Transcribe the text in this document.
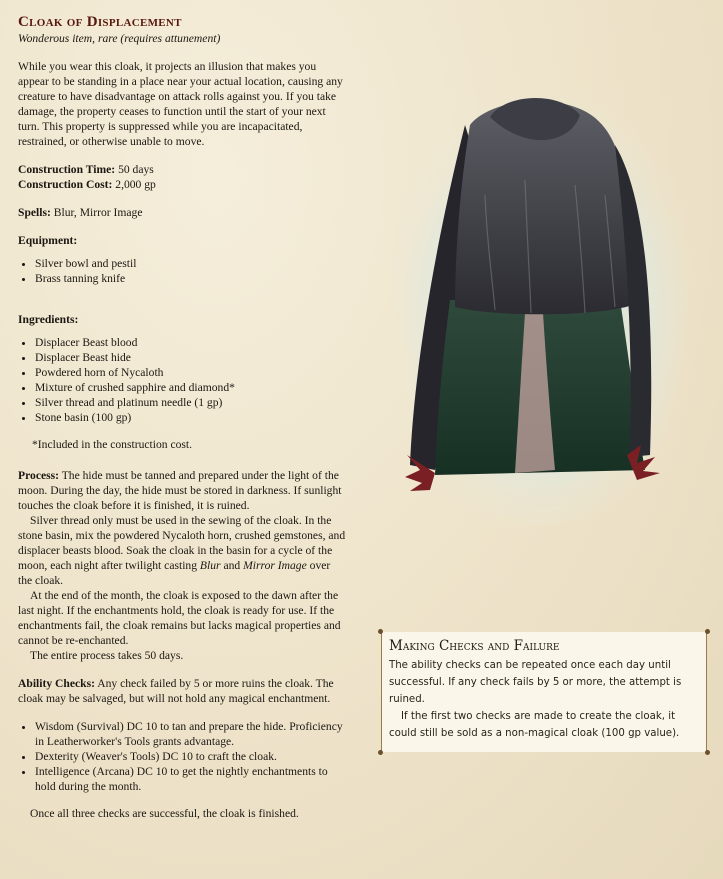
Cloak of Displacement

Wonderous item, rare (requires attunement)

While you wear this cloak, it projects an illusion that makes you appear to be standing in a place near your actual location, causing any creature to have disadvantage on attack rolls against you. If you take damage, the property ceases to function until the start of your next turn. This property is suppressed while you are incapacitated, restrained, or otherwise unable to move.

Construction Time: 50 days

Construction Cost: 2,000 gp

Spells: Blur, Mirror Image

Equipment:

• Silver bowl and pestil
• Brass tanning knife

Ingredients:

• Displacer Beast blood
• Displacer Beast hide
• Powdered horn of Nycaloth
• Mixture of crushed sapphire and diamond*
• Silver thread and platinum needle (1 gp)
• Stone basin (100 gp)

*Included in the construction cost.

Process: The hide must be tanned and prepared under the light of the moon. During the day, the hide must be stored in darkness. If sunlight touches the cloak before it is finished, it is ruined.

Silver thread only must be used in the sewing of the cloak. In the stone basin, mix the powdered Nycaloth horn, crushed gemstones, and displacer beasts blood. Soak the cloak in the basin for a cycle of the moon, each night after twilight casting Blur and Mirror Image over the cloak.

At the end of the month, the cloak is exposed to the dawn after the last night. If the enchantments hold, the cloak is ready for use. If the enchantments fail, the cloak remains but lacks magical properties and cannot be re-enchanted.

The entire process takes 50 days.

Ability Checks: Any check failed by 5 or more ruins the cloak. The cloak may be salvaged, but will not hold any magical enchantment.

• Wisdom (Survival) DC 10 to tan and prepare the hide. Proficiency in Leatherworker's Tools grants advantage.
• Dexterity (Weaver's Tools) DC 10 to craft the cloak.
• Intelligence (Arcana) DC 10 to get the nightly enchantments to hold during the month.

Once all three checks are successful, the cloak is finished.

Making Checks and Failure

The ability checks can be repeated once each day until successful. If any check fails by 5 or more, the attempt is ruined.

If the first two checks are made to create the cloak, it could still be sold as a non-magical cloak (100 gp value).
